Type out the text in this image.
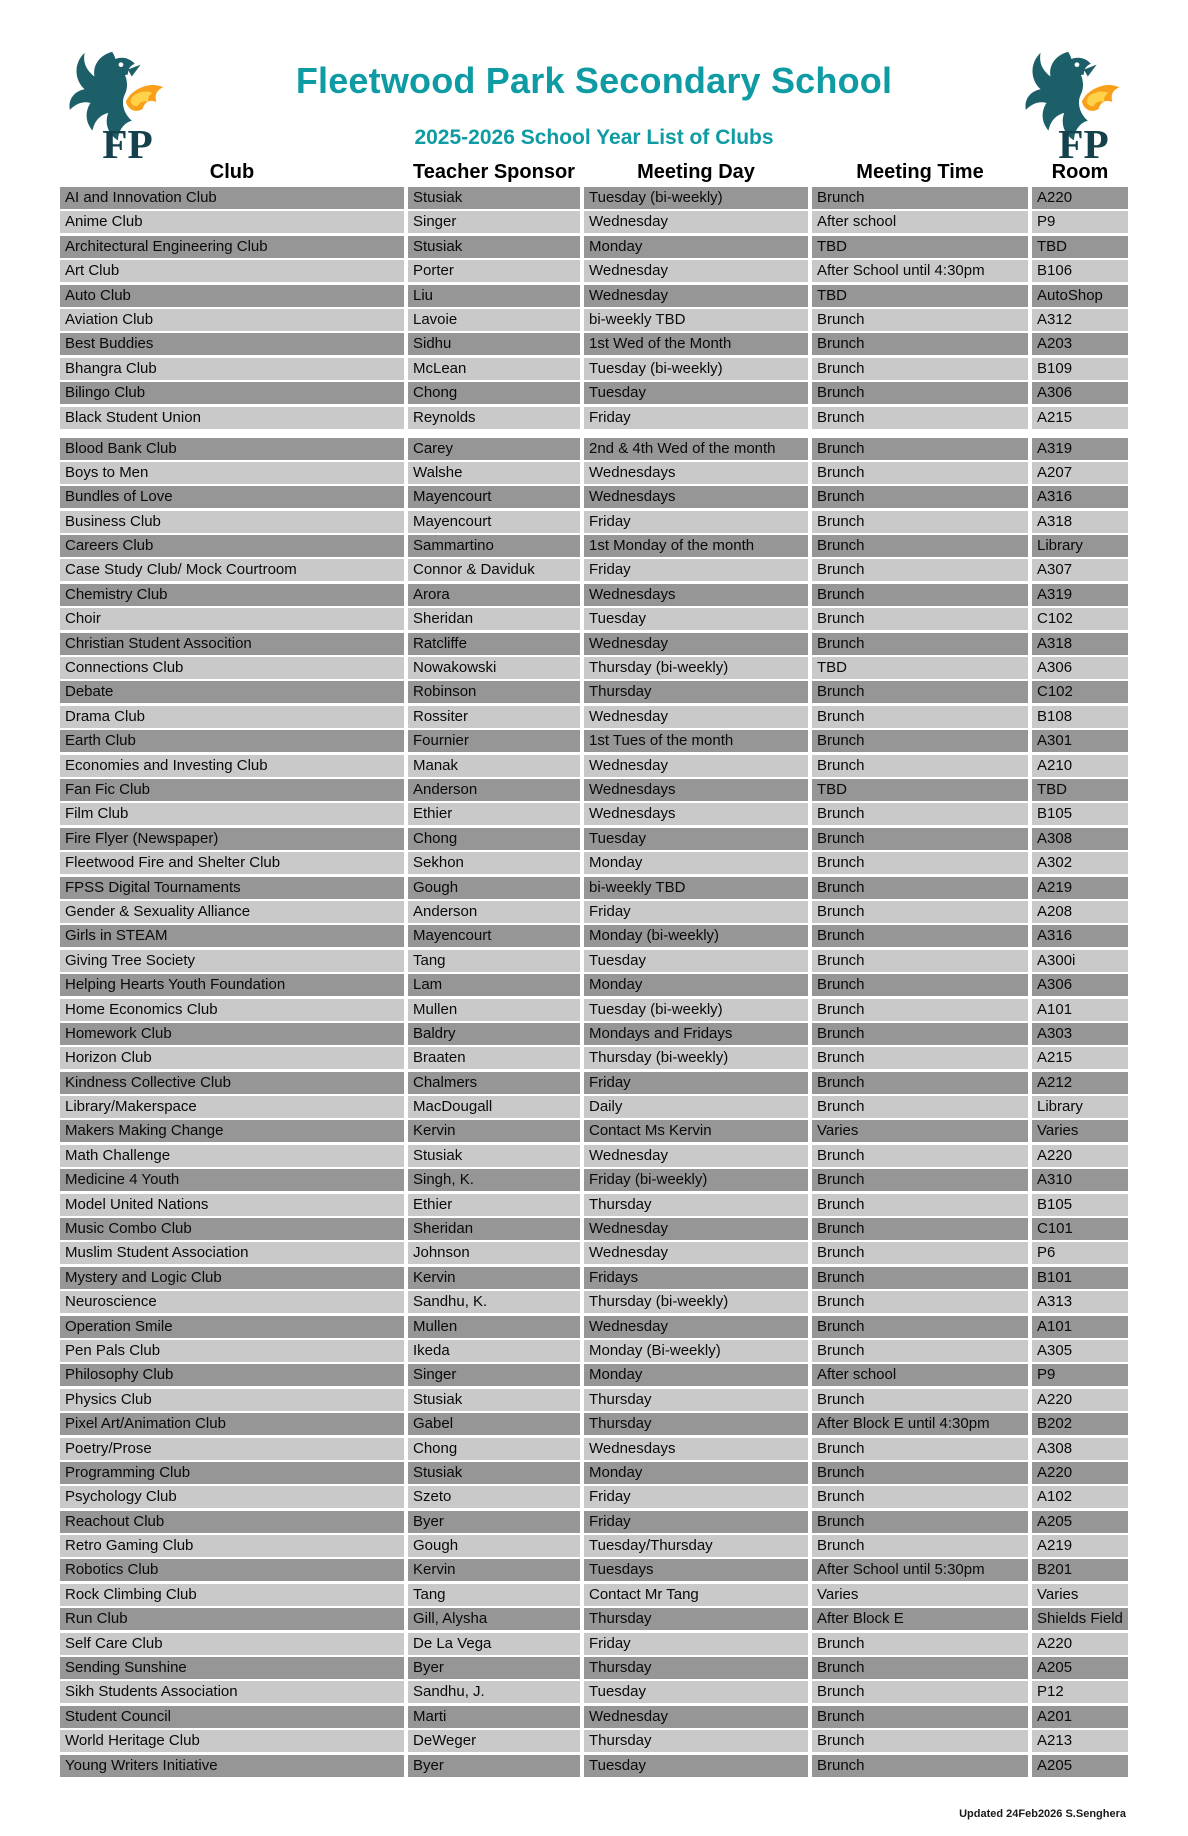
FP	FP
Fleetwood Park Secondary School
2025-2026 School Year List of Clubs
Club	Teacher Sponsor	Meeting Day	Meeting Time	Room
AI and Innovation Club	Stusiak	Tuesday (bi-weekly)	Brunch	A220
Anime Club	Singer	Wednesday	After school	P9
Architectural Engineering Club	Stusiak	Monday	TBD	TBD
Art Club	Porter	Wednesday	After School until 4:30pm	B106
Auto Club	Liu	Wednesday	TBD	AutoShop
Aviation Club	Lavoie	bi-weekly TBD	Brunch	A312
Best Buddies	Sidhu	1st Wed of the Month	Brunch	A203
Bhangra Club	McLean	Tuesday (bi-weekly)	Brunch	B109
Bilingo Club	Chong	Tuesday	Brunch	A306
Black Student Union	Reynolds	Friday	Brunch	A215
Blood Bank Club	Carey	2nd & 4th Wed of the month	Brunch	A319
Boys to Men	Walshe	Wednesdays	Brunch	A207
Bundles of Love	Mayencourt	Wednesdays	Brunch	A316
Business Club	Mayencourt	Friday	Brunch	A318
Careers Club	Sammartino	1st Monday of the month	Brunch	Library
Case Study Club/ Mock Courtroom	Connor & Daviduk	Friday	Brunch	A307
Chemistry Club	Arora	Wednesdays	Brunch	A319
Choir	Sheridan	Tuesday	Brunch	C102
Christian Student Assocition	Ratcliffe	Wednesday	Brunch	A318
Connections Club	Nowakowski	Thursday (bi-weekly)	TBD	A306
Debate	Robinson	Thursday	Brunch	C102
Drama Club	Rossiter	Wednesday	Brunch	B108
Earth Club	Fournier	1st Tues of the month	Brunch	A301
Economies and Investing Club	Manak	Wednesday	Brunch	A210
Fan Fic Club	Anderson	Wednesdays	TBD	TBD
Film Club	Ethier	Wednesdays	Brunch	B105
Fire Flyer (Newspaper)	Chong	Tuesday	Brunch	A308
Fleetwood Fire and Shelter Club	Sekhon	Monday	Brunch	A302
FPSS Digital Tournaments	Gough	bi-weekly TBD	Brunch	A219
Gender & Sexuality Alliance	Anderson	Friday	Brunch	A208
Girls in STEAM	Mayencourt	Monday (bi-weekly)	Brunch	A316
Giving Tree Society	Tang	Tuesday	Brunch	A300i
Helping Hearts Youth Foundation	Lam	Monday	Brunch	A306
Home Economics Club	Mullen	Tuesday (bi-weekly)	Brunch	A101
Homework Club	Baldry	Mondays and Fridays	Brunch	A303
Horizon Club	Braaten	Thursday (bi-weekly)	Brunch	A215
Kindness Collective Club	Chalmers	Friday	Brunch	A212
Library/Makerspace	MacDougall	Daily	Brunch	Library
Makers Making Change	Kervin	Contact Ms Kervin	Varies	Varies
Math Challenge	Stusiak	Wednesday	Brunch	A220
Medicine 4 Youth	Singh, K.	Friday (bi-weekly)	Brunch	A310
Model United Nations	Ethier	Thursday	Brunch	B105
Music Combo Club	Sheridan	Wednesday	Brunch	C101
Muslim Student Association	Johnson	Wednesday	Brunch	P6
Mystery and Logic Club	Kervin	Fridays	Brunch	B101
Neuroscience	Sandhu, K.	Thursday (bi-weekly)	Brunch	A313
Operation Smile	Mullen	Wednesday	Brunch	A101
Pen Pals Club	Ikeda	Monday (Bi-weekly)	Brunch	A305
Philosophy Club	Singer	Monday	After school	P9
Physics Club	Stusiak	Thursday	Brunch	A220
Pixel Art/Animation Club	Gabel	Thursday	After Block E until 4:30pm	B202
Poetry/Prose	Chong	Wednesdays	Brunch	A308
Programming Club	Stusiak	Monday	Brunch	A220
Psychology Club	Szeto	Friday	Brunch	A102
Reachout Club	Byer	Friday	Brunch	A205
Retro Gaming Club	Gough	Tuesday/Thursday	Brunch	A219
Robotics Club	Kervin	Tuesdays	After School until 5:30pm	B201
Rock Climbing Club	Tang	Contact Mr Tang	Varies	Varies
Run Club	Gill, Alysha	Thursday	After Block E	Shields Field
Self Care Club	De La Vega	Friday	Brunch	A220
Sending Sunshine	Byer	Thursday	Brunch	A205
Sikh Students Association	Sandhu, J.	Tuesday	Brunch	P12
Student Council	Marti	Wednesday	Brunch	A201
World Heritage Club	DeWeger	Thursday	Brunch	A213
Young Writers Initiative	Byer	Tuesday	Brunch	A205
Updated 24Feb2026 S.Senghera
